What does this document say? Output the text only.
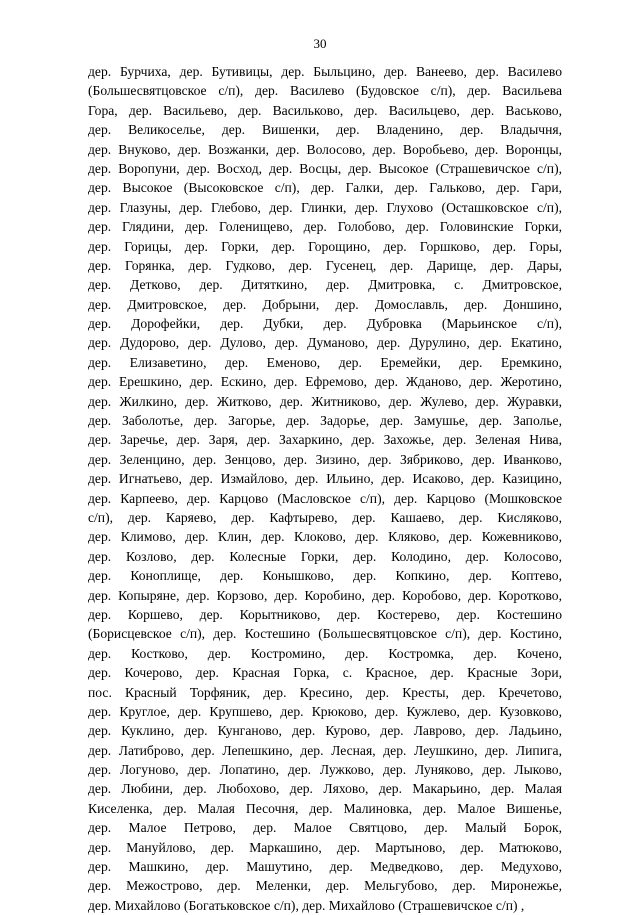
30
дер. Бурчиха, дер. Бутивицы, дер. Быльцино, дер. Ванеево, дер. Василево
(Большесвятцовское с/п), дер. Василево (Будовское с/п), дер. Васильева
Гора, дер. Васильево, дер. Васильково, дер. Васильцево, дер. Васьково,
дер. Великоселье, дер. Вишенки, дер. Владенино, дер. Владычня,
дер. Внуково, дер. Возжанки, дер. Волосово, дер. Воробьево, дер. Воронцы,
дер. Воропуни, дер. Восход, дер. Восцы, дер. Высокое (Страшевичское с/п),
дер. Высокое (Высоковское с/п), дер. Галки, дер. Гальково, дер. Гари,
дер. Глазуны, дер. Глебово, дер. Глинки, дер. Глухово (Осташковское с/п),
дер. Глядини, дер. Голенищево, дер. Голобово, дер. Головинские Горки,
дер. Горицы, дер. Горки, дер. Горощино, дер. Горшково, дер. Горы,
дер. Горянка, дер. Гудково, дер. Гусенец, дер. Дарище, дер. Дары,
дер. Детково, дер. Дитяткино, дер. Дмитровка, с. Дмитровское,
дер. Дмитровское, дер. Добрыни, дер. Домославль, дер. Доншино,
дер. Дорофейки, дер. Дубки, дер. Дубровка (Марьинское с/п),
дер. Дудорово, дер. Дулово, дер. Думаново, дер. Дурулино, дер. Екатино,
дер. Елизаветино, дер. Еменово, дер. Еремейки, дер. Еремкино,
дер. Ерешкино, дер. Ескино, дер. Ефремово, дер. Жданово, дер. Жеротино,
дер. Жилкино, дер. Житково, дер. Житниково, дер. Жулево, дер. Журавки,
дер. Заболотье, дер. Загорье, дер. Задорье, дер. Замушье, дер. Заполье,
дер. Заречье, дер. Заря, дер. Захаркино, дер. Захожье, дер. Зеленая Нива,
дер. Зеленцино, дер. Зенцово, дер. Зизино, дер. Зябриково, дер. Иванково,
дер. Игнатьево, дер. Измайлово, дер. Ильино, дер. Исаково, дер. Казицино,
дер. Карпеево, дер. Карцово (Масловское с/п), дер. Карцово (Мошковское
с/п), дер. Каряево, дер. Кафтырево, дер. Кашаево, дер. Кисляково,
дер. Климово, дер. Клин, дер. Клоково, дер. Кляково, дер. Кожевниково,
дер. Козлово, дер. Колесные Горки, дер. Колодино, дер. Колосово,
дер. Коноплище, дер. Конышково, дер. Копкино, дер. Коптево,
дер. Копыряне, дер. Корзово, дер. Коробино, дер. Коробово, дер. Коротково,
дер. Коршево, дер. Корытниково, дер. Костерево, дер. Костешино
(Борисцевское с/п), дер. Костешино (Большесвятцовское с/п), дер. Костино,
дер. Костково, дер. Костромино, дер. Костромка, дер. Кочено,
дер. Кочерово, дер. Красная Горка, с. Красное, дер. Красные Зори,
пос. Красный Торфяник, дер. Кресино, дер. Кресты, дер. Кречетово,
дер. Круглое, дер. Крупшево, дер. Крюково, дер. Кужлево, дер. Кузовково,
дер. Куклино, дер. Кунганово, дер. Курово, дер. Лаврово, дер. Ладьино,
дер. Латиброво, дер. Лепешкино, дер. Лесная, дер. Леушкино, дер. Липига,
дер. Логуново, дер. Лопатино, дер. Лужково, дер. Луняково, дер. Лыково,
дер. Любини, дер. Любохово, дер. Ляхово, дер. Макарьино, дер. Малая
Киселенка, дер. Малая Песочня, дер. Малиновка, дер. Малое Вишенье,
дер. Малое Петрово, дер. Малое Святцово, дер. Малый Борок,
дер. Мануйлово, дер. Маркашино, дер. Мартыново, дер. Матюково,
дер. Машкино, дер. Машутино, дер. Медведково, дер. Медухово,
дер. Межострово, дер. Меленки, дер. Мельгубово, дер. Миронежье,
дер. Михайлово (Богатьковское с/п), дер. Михайлово (Страшевичское с/п) ,
